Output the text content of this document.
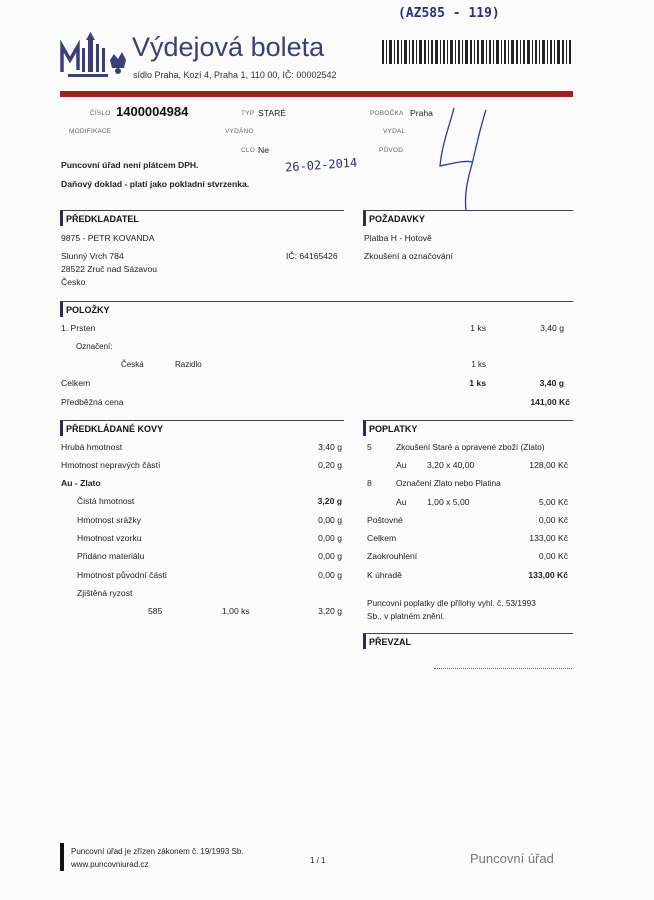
(AZ585 - 119)
Výdejová boleta
sídlo Praha, Kozí 4, Praha 1, 110 00, IČ: 00002542
ČÍSLO 1400004984	TYP STARÉ	POBOČKA Praha
MODIFIKACE	VYDÁNO	VYDAL
CLO Ne	PŮVOD
26-02-2014
Puncovní úřad není plátcem DPH.
Daňový doklad - platí jako pokladní stvrzenka.
PŘEDKLADATEL
9875 - PETR KOVANDA
Slunný Vrch 784	IČ: 64165426
28522 Zruč nad Sázavou
Česko
POŽADAVKY
Platba H - Hotově
Zkoušení a označování
POLOŽKY
1. Prsten	1 ks	3,40 g
Označení:
Česká	Razidlo	1 ks
Celkem	1 ks	3,40 g
Předběžná cena	141,00 Kč
PŘEDKLÁDANÉ KOVY
Hrubá hmotnost	3,40 g
Hmotnost nepravých částí	0,20 g
Au - Zlato
Čistá hmotnost	3,20 g
Hmotnost srážky	0,00 g
Hmotnost vzorku	0,00 g
Přidáno materiálu	0,00 g
Hmotnost původní části	0,00 g
Zjištěná ryzost
585	1,00 ks	3,20 g
POPLATKY
5	Zkoušení Staré a opravené zboží (Zlato)
Au 3,20 x 40,00	128,00 Kč
8	Označení Zlato nebo Platina
Au 1,00 x 5,00	5,00 Kč
Poštovné	0,00 Kč
Celkem	133,00 Kč
Zaokrouhlení	0,00 Kč
K úhradě	133,00 Kč
Puncovní poplatky dle přílohy vyhl. č. 53/1993
Sb., v platném znění.
PŘEVZAL
Puncovní úřad je zřízen zákonem č. 19/1993 Sb.
www.puncovniurad.cz	1 / 1	Puncovní úřad
